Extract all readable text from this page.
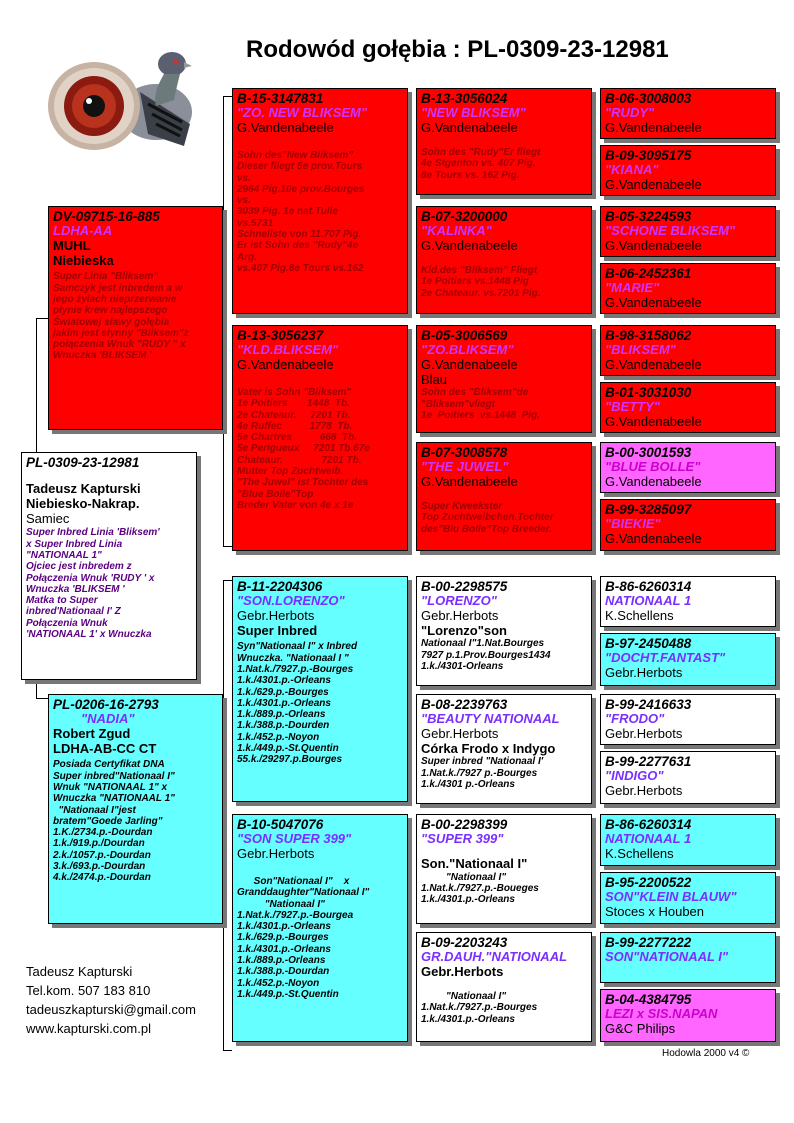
Rodowód gołębia : PL-0309-23-12981
PL-0309-23-12981
Tadeusz Kapturski
Niebiesko-Nakrap.
Samiec
Super Inbred Linia 'Bliksem'
x Super Inbred Linia
"NATIONAAL 1"
Ojciec jest inbredem z
Połączenia Wnuk 'RUDY ' x
Wnuczka 'BLIKSEM '
Matka to Super
inbred'Nationaal I' Z
Połączenia Wnuk
'NATIONAAL 1' x Wnuczka
DV-09715-16-885
LDHA-AA
MUHL
Niebieska
Super Linia "Bliksem"
Samczyk jest inbredem a w
jego żyłach nieprzerwanie
płynie krew najlepszego
Światowej sławy gołębia
jakim jest słynny "Bliksem"z
połączenia Wnuk "RUDY " x
Wnuczka 'BLIKSEM '
PL-0206-16-2793
"NADIA"
Robert Zgud
LDHA-AB-CC CT
Posiada Certyfikat DNA
Super inbred"Nationaal I"
Wnuk "NATIONAAL 1" x
Wnuczka "NATIONAAL 1"
"Nationaal I"jest
bratem"Goede Jarling"
1.K./2734.p.-Dourdan
1.k./919.p./Dourdan
2.k./1057.p.-Dourdan
3.k./693.p.-Dourdan
4.k./2474.p.-Dourdan
B-15-3147831
"ZO. NEW BLIKSEM"
G.Vandenabeele

Sohn des"New Bliksem"
Dieser fliegt 5e prov.Tours
vs.
2964 Pig.10e prov.Bourges
vs.
3039 Pig. 1e nat.Tulle
vs.5731
Schnellste von 11.707 Pig.
Er ist Sohn des "Rudy"4e
Arg.
vs.407 Pig.8e Tours vs.162
B-13-3056237
"KLD.BLIKSEM"
G.Vandenabeele

Vater is Sohn "Bliksem"
1e Poitiers       1448  Tb.
2e Chateaur.     7201 Tb.
4e Ruffec          1778  Tb.
5e Chartres          668  Tb.
5e Perigueux     7201 Tb.67e
Chateaur.              7201 Tb.
Mutter Top Zuchtweib.
"The Juwel" ist Tochter des
"Blue Bolle"Top
Breder Vater von 4e x 1e
B-11-2204306
"SON.LORENZO"
Gebr.Herbots
Super Inbred
Syn"Nationaal I" x Inbred
Wnuczka. "Nationaal I "
1.Nat.k./7927.p.-Bourges
1.k./4301.p.-Orleans
1.k./629.p.-Bourges
1.k./4301.p.-Orleans
1.k./889.p.-Orleans
1.k./388.p.-Dourden
1.k./452.p.-Noyon
1.k./449.p.-St.Quentin
55.k./29297.p.Bourges
B-10-5047076
"SON SUPER 399"
Gebr.Herbots

Son"Nationaal I"    x
Granddaughter"Nationaal I"
"Nationaal I"
1.Nat.k./7927.p.-Bourgea
1.k./4301.p.-Orleans
1.k./629.p.-Bourges
1.k./4301.p.-Orleans
1.k./889.p.-Orleans
1.k./388.p.-Dourdan
1.k./452.p.-Noyon
1.k./449.p.-St.Quentin
B-13-3056024
"NEW BLIKSEM"
G.Vandenabeele

Sohn des "Rudy"Er fliegt
4e Stgenton vs. 407 Pig.
8e Tours vs. 162 Pig.
B-07-3200000
"KALINKA"
G.Vandenabeele

Kld.des "Bliksem" Fliegt
1e Poitiers vs.1448 Pig
2e Chateaur. vs.7201 Pig.
B-05-3006569
"ZO.BLIKSEM"
G.Vandenabeele
Blau
Sohn des "Bliksem"de
"Bliksem"vliegt
1e  Poitiers  vs.1448  Pig.
B-07-3008578
"THE JUWEL"
G.Vandenabeele

Super Kweekster
Top Zuchtweibchen.Tochter
des"Blu Bolle"Top Breeder.
B-00-2298575
"LORENZO"
Gebr.Herbots
"Lorenzo"son
Nationaal I"1.Nat.Bourges
7927 p.1.Prov.Bourges1434
1.k./4301-Orleans
B-08-2239763
"BEAUTY NATIONAAL
Gebr.Herbots
Córka Frodo x Indygo
Super inbred "Nationaal I'
1.Nat.k./7927 p.-Bourges
1.k./4301 p.-Orleans
B-00-2298399
"SUPER 399"
Son."Nationaal I"
"Nationaal I"
1.Nat.k./7927.p.-Boueges
1.k./4301.p.-Orleans
B-09-2203243
GR.DAUH."NATIONAAL
Gebr.Herbots

"Nationaal I"
1.Nat.k./7927.p.-Bourges
1.k./4301.p.-Orleans
B-06-3008003
"RUDY"
G.Vandenabeele
B-09-3095175
"KIANA"
G.Vandenabeele
B-05-3224593
"SCHONE BLIKSEM"
G.Vandenabeele
B-06-2452361
"MARIE"
G.Vandenabeele
B-98-3158062
"BLIKSEM"
G.Vandenabeele
B-01-3031030
"BETTY"
G.Vandenabeele
B-00-3001593
"BLUE BOLLE"
G.Vandenabeele
B-99-3285097
"BIEKIE"
G.Vandenabeele
B-86-6260314
NATIONAAL 1
K.Schellens
B-97-2450488
"DOCHT.FANTAST"
Gebr.Herbots
B-99-2416633
"FRODO"
Gebr.Herbots
B-99-2277631
"INDIGO"
Gebr.Herbots
B-86-6260314
NATIONAAL 1
K.Schellens
B-95-2200522
SON"KLEIN BLAUW"
Stoces x Houben
B-99-2277222
SON"NATIONAAL I"
B-04-4384795
LEZI x SIS.NAPAN
G&C Philips
Tadeusz Kapturski
Tel.kom. 507 183 810
tadeuszkapturski@gmail.com
www.kapturski.com.pl
Hodowla 2000 v4 ©
